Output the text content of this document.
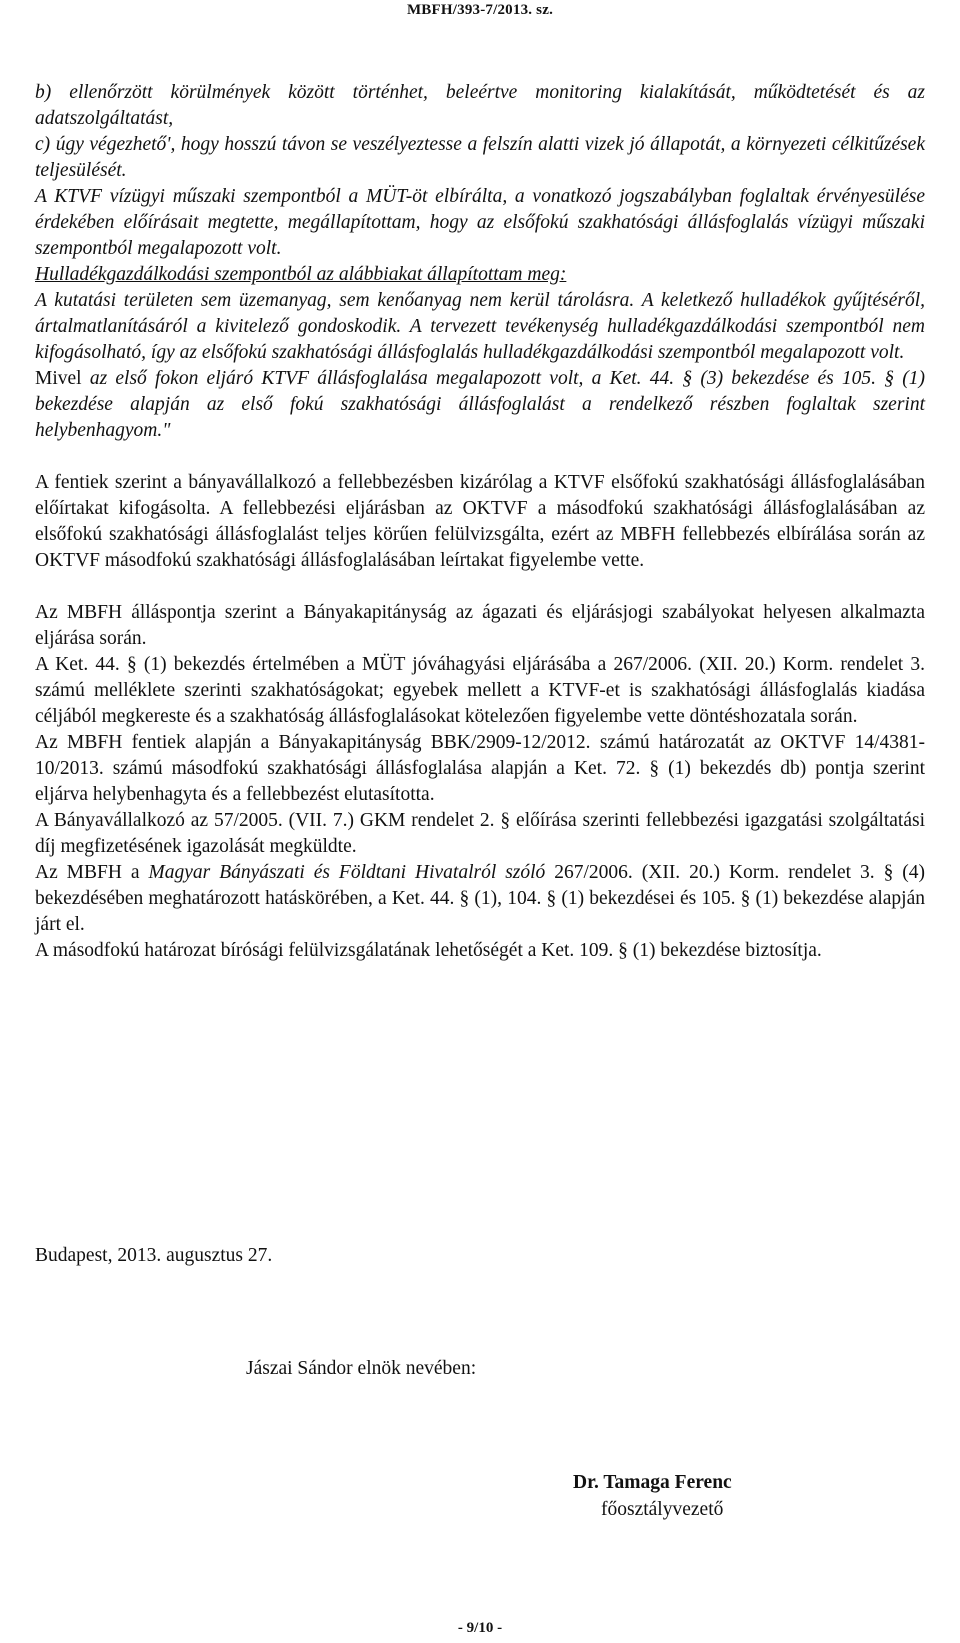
MBFH/393-7/2013. sz.

b) ellenőrzött körülmények között történhet, beleértve monitoring kialakítását, működtetését és az adatszolgáltatást,

c) úgy végezhető', hogy hosszú távon se veszélyeztesse a felszín alatti vizek jó állapotát, a környezeti célkitűzések teljesülését.

A KTVF vízügyi műszaki szempontból a MÜT-öt elbírálta, a vonatkozó jogszabályban foglaltak érvényesülése érdekében előírásait megtette, megállapítottam, hogy az elsőfokú szakhatósági állásfoglalás vízügyi műszaki szempontból megalapozott volt.

Hulladékgazdálkodási szempontból az alábbiakat állapítottam meg:

A kutatási területen sem üzemanyag, sem kenőanyag nem kerül tárolásra. A keletkező hulladékok gyűjtéséről, ártalmatlanításáról a kivitelező gondoskodik. A tervezett tevékenység hulladékgazdálkodási szempontból nem kifogásolható, így az elsőfokú szakhatósági állásfoglalás hulladékgazdálkodási szempontból megalapozott volt.

Mivel az első fokon eljáró KTVF állásfoglalása megalapozott volt, a Ket. 44. § (3) bekezdése és 105. § (1) bekezdése alapján az első fokú szakhatósági állásfoglalást a rendelkező részben foglaltak szerint helybenhagyom."

A fentiek szerint a bányavállalkozó a fellebbezésben kizárólag a KTVF elsőfokú szakhatósági állásfoglalásában előírtakat kifogásolta. A fellebbezési eljárásban az OKTVF a másodfokú szakhatósági állásfoglalásában az elsőfokú szakhatósági állásfoglalást teljes körűen felülvizsgálta, ezért az MBFH fellebbezés elbírálása során az OKTVF másodfokú szakhatósági állásfoglalásában leírtakat figyelembe vette.

Az MBFH álláspontja szerint a Bányakapitányság az ágazati és eljárásjogi szabályokat helyesen alkalmazta eljárása során.

A Ket. 44. § (1) bekezdés értelmében a MÜT jóváhagyási eljárásába a 267/2006. (XII. 20.) Korm. rendelet 3. számú melléklete szerinti szakhatóságokat; egyebek mellett a KTVF-et is szakhatósági állásfoglalás kiadása céljából megkereste és a szakhatóság állásfoglalásokat kötelezően figyelembe vette döntéshozatala során.

Az MBFH fentiek alapján a Bányakapitányság BBK/2909-12/2012. számú határozatát az OKTVF 14/4381-10/2013. számú másodfokú szakhatósági állásfoglalása alapján a Ket. 72. § (1) bekezdés db) pontja szerint eljárva helybenhagyta és a fellebbezést elutasította.

A Bányavállalkozó az 57/2005. (VII. 7.) GKM rendelet 2. § előírása szerinti fellebbezési igazgatási szolgáltatási díj megfizetésének igazolását megküldte.

Az MBFH a Magyar Bányászati és Földtani Hivatalról szóló 267/2006. (XII. 20.) Korm. rendelet 3. § (4) bekezdésében meghatározott hatáskörében, a Ket. 44. § (1), 104. § (1) bekezdései és 105. § (1) bekezdése alapján járt el.

A másodfokú határozat bírósági felülvizsgálatának lehetőségét a Ket. 109. § (1) bekezdése biztosítja.

Budapest, 2013. augusztus 27.
Jászai Sándor elnök nevében:
Dr. Tamaga Ferenc
főosztályvezető
- 9/10 -
